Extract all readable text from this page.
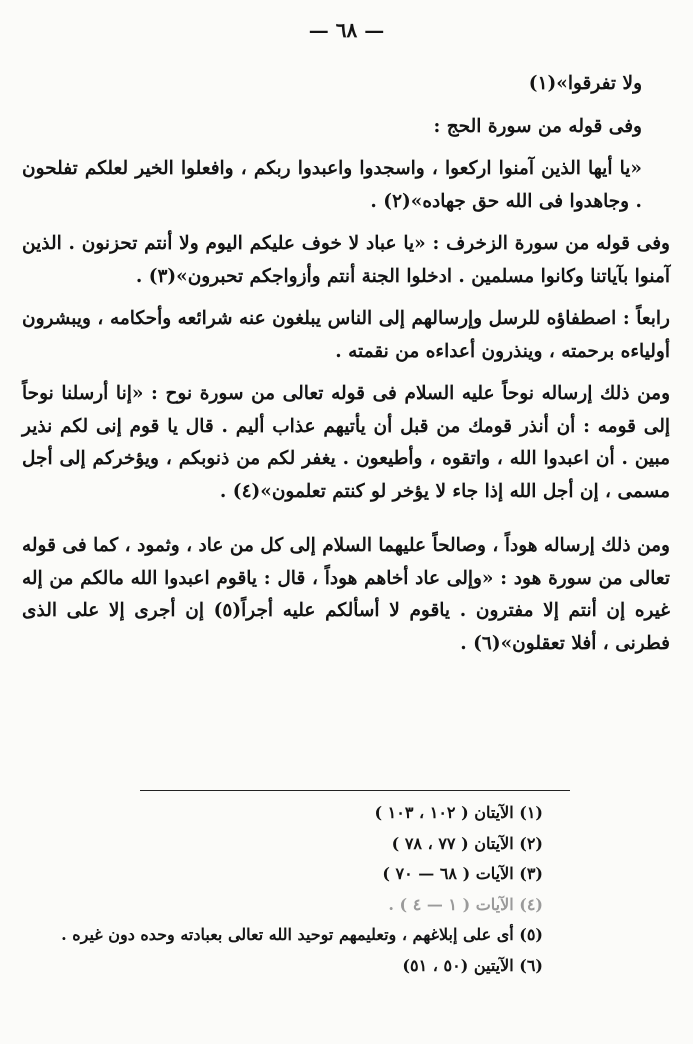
— ٦٨ —

ولا تفرقوا»(١)

وفى قوله من سورة الحج :

«يا أيها الذين آمنوا اركعوا ، واسجدوا واعبدوا ربكم ، وافعلوا الخير لعلكم تفلحون . وجاهدوا فى الله حق جهاده»(٢) .

وفى قوله من سورة الزخرف : «يا عباد لا خوف عليكم اليوم ولا أنتم تحزنون . الذين آمنوا بآياتنا وكانوا مسلمين . ادخلوا الجنة أنتم وأزواجكم تحبرون»(٣) .

رابعاً : اصطفاؤه للرسل وإرسالهم إلى الناس يبلغون عنه شرائعه وأحكامه ، ويبشرون أولياءه برحمته ، وينذرون أعداءه من نقمته .

ومن ذلك إرساله نوحاً عليه السلام فى قوله تعالى من سورة نوح : «إنا أرسلنا نوحاً إلى قومه : أن أنذر قومك من قبل أن يأتيهم عذاب أليم . قال يا قوم إنى لكم نذير مبين . أن اعبدوا الله ، واتقوه ، وأطيعون . يغفر لكم من ذنوبكم ، ويؤخركم إلى أجل مسمى ، إن أجل الله إذا جاء لا يؤخر لو كنتم تعلمون»(٤) .

ومن ذلك إرساله هوداً ، وصالحاً عليهما السلام إلى كل من عاد ، وثمود ، كما فى قوله تعالى من سورة هود : «وإلى عاد أخاهم هوداً ، قال : ياقوم اعبدوا الله مالكم من إله غيره إن أنتم إلا مفترون . ياقوم لا أسألكم عليه أجراً(٥) إن أجرى إلا على الذى فطرنى ، أفلا تعقلون»(٦) .

(١) الآيتان ( ١٠٢ ، ١٠٣ )
(٢) الآيتان ( ٧٧ ، ٧٨ )
(٣) الآيات ( ٦٨ — ٧٠ )
(٤) الآيات ( ١ — ٤ ) .
(٥) أى على إبلاغهم ، وتعليمهم توحيد الله تعالى بعبادته وحده دون غيره .
(٦) الآيتين (٥٠ ، ٥١)
